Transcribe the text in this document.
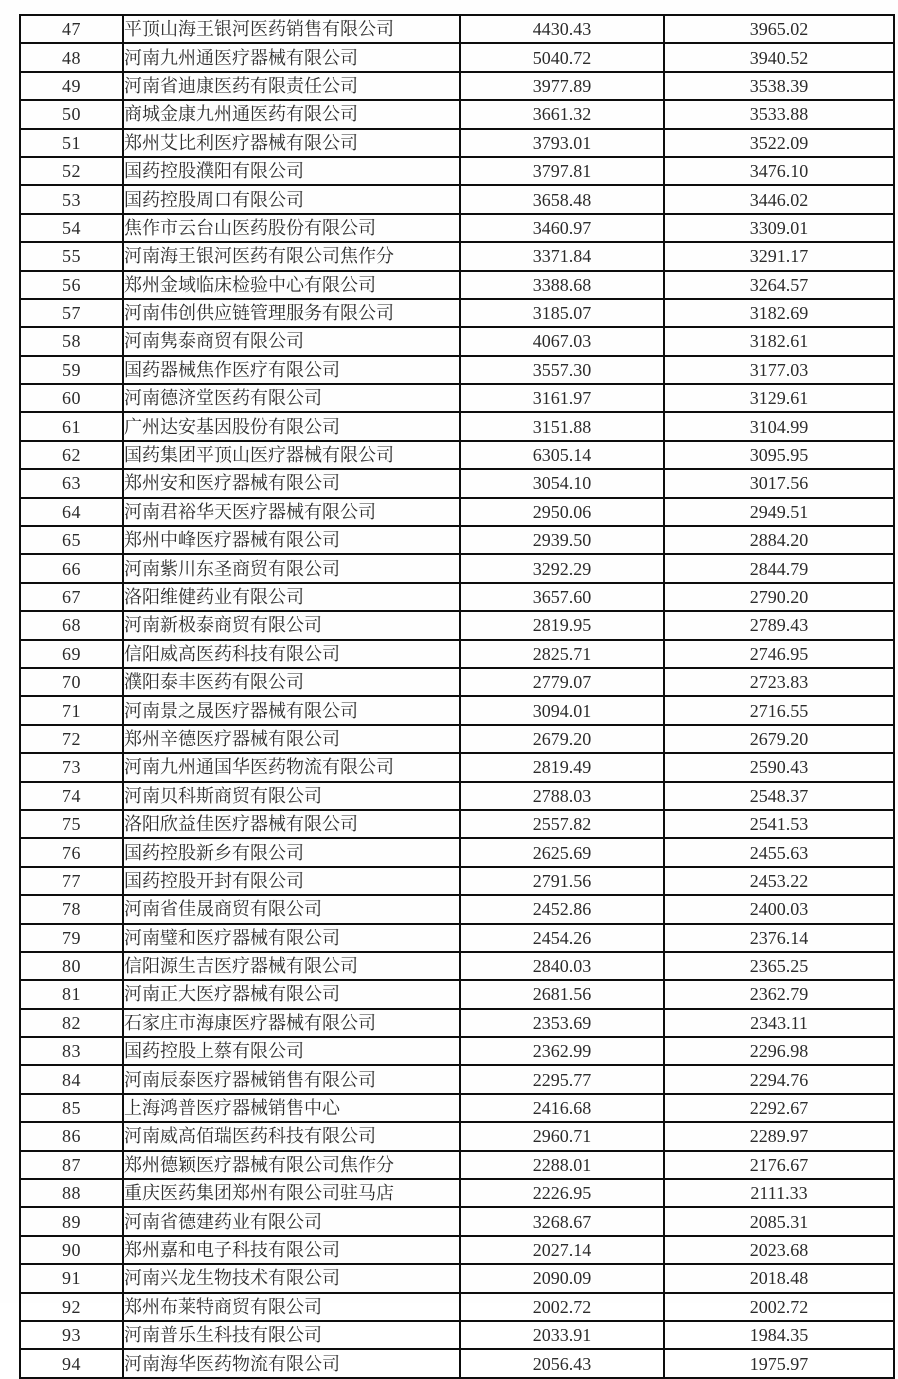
47	平顶山海王银河医药销售有限公司	4430.43	3965.02
48	河南九州通医疗器械有限公司	5040.72	3940.52
49	河南省迪康医药有限责任公司	3977.89	3538.39
50	商城金康九州通医药有限公司	3661.32	3533.88
51	郑州艾比利医疗器械有限公司	3793.01	3522.09
52	国药控股濮阳有限公司	3797.81	3476.10
53	国药控股周口有限公司	3658.48	3446.02
54	焦作市云台山医药股份有限公司	3460.97	3309.01
55	河南海王银河医药有限公司焦作分	3371.84	3291.17
56	郑州金域临床检验中心有限公司	3388.68	3264.57
57	河南伟创供应链管理服务有限公司	3185.07	3182.69
58	河南隽泰商贸有限公司	4067.03	3182.61
59	国药器械焦作医疗有限公司	3557.30	3177.03
60	河南德济堂医药有限公司	3161.97	3129.61
61	广州达安基因股份有限公司	3151.88	3104.99
62	国药集团平顶山医疗器械有限公司	6305.14	3095.95
63	郑州安和医疗器械有限公司	3054.10	3017.56
64	河南君裕华天医疗器械有限公司	2950.06	2949.51
65	郑州中峰医疗器械有限公司	2939.50	2884.20
66	河南紫川东圣商贸有限公司	3292.29	2844.79
67	洛阳维健药业有限公司	3657.60	2790.20
68	河南新极泰商贸有限公司	2819.95	2789.43
69	信阳威高医药科技有限公司	2825.71	2746.95
70	濮阳泰丰医药有限公司	2779.07	2723.83
71	河南景之晟医疗器械有限公司	3094.01	2716.55
72	郑州辛德医疗器械有限公司	2679.20	2679.20
73	河南九州通国华医药物流有限公司	2819.49	2590.43
74	河南贝科斯商贸有限公司	2788.03	2548.37
75	洛阳欣益佳医疗器械有限公司	2557.82	2541.53
76	国药控股新乡有限公司	2625.69	2455.63
77	国药控股开封有限公司	2791.56	2453.22
78	河南省佳晟商贸有限公司	2452.86	2400.03
79	河南璧和医疗器械有限公司	2454.26	2376.14
80	信阳源生吉医疗器械有限公司	2840.03	2365.25
81	河南正大医疗器械有限公司	2681.56	2362.79
82	石家庄市海康医疗器械有限公司	2353.69	2343.11
83	国药控股上蔡有限公司	2362.99	2296.98
84	河南辰泰医疗器械销售有限公司	2295.77	2294.76
85	上海鸿普医疗器械销售中心	2416.68	2292.67
86	河南威高佰瑞医药科技有限公司	2960.71	2289.97
87	郑州德颖医疗器械有限公司焦作分	2288.01	2176.67
88	重庆医药集团郑州有限公司驻马店	2226.95	2111.33
89	河南省德建药业有限公司	3268.67	2085.31
90	郑州嘉和电子科技有限公司	2027.14	2023.68
91	河南兴龙生物技术有限公司	2090.09	2018.48
92	郑州布莱特商贸有限公司	2002.72	2002.72
93	河南普乐生科技有限公司	2033.91	1984.35
94	河南海华医药物流有限公司	2056.43	1975.97
